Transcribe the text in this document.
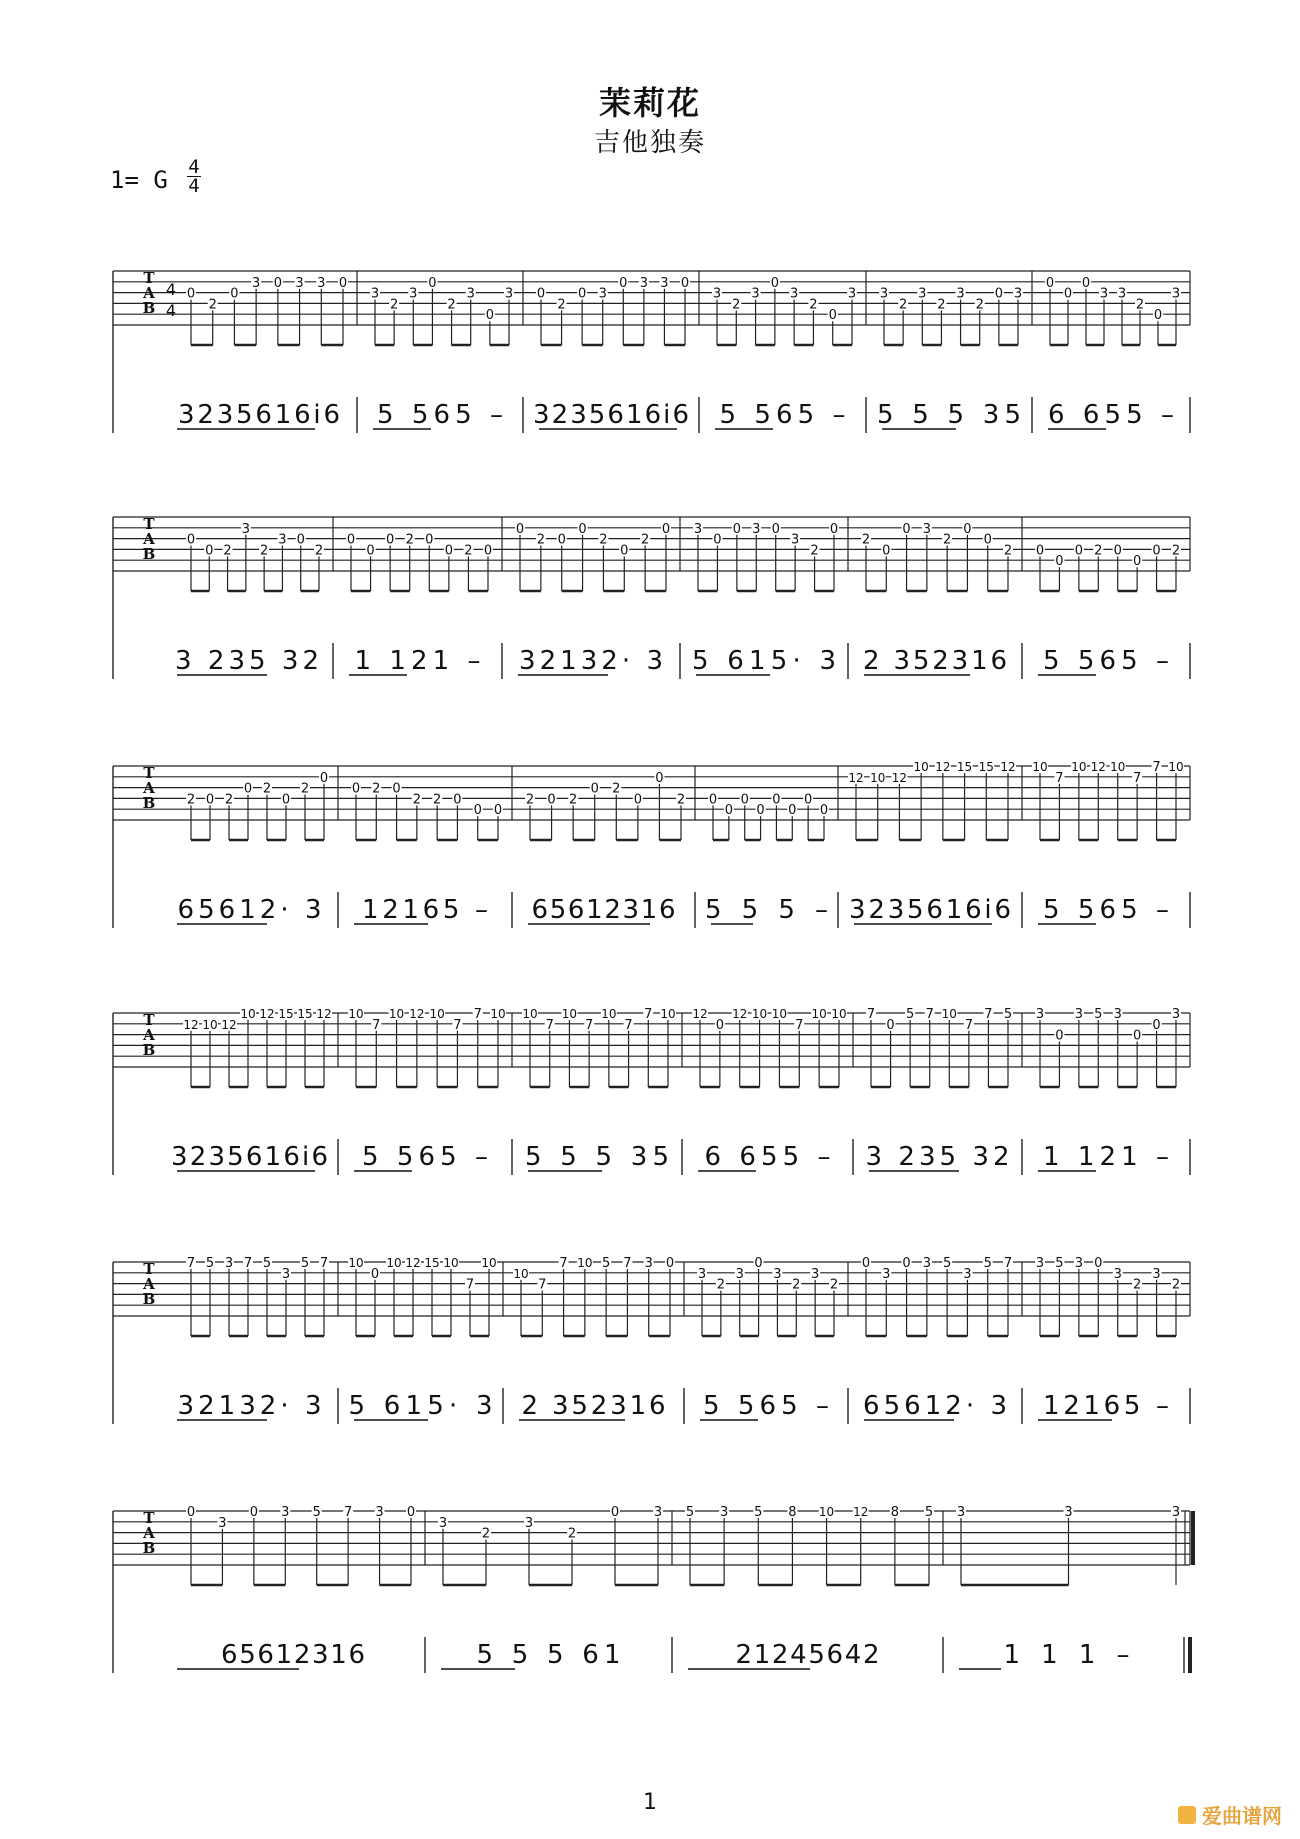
T
A
B
4
4
0
2
0
3 0 3 3 0
3
2
3
0
2
3
0
3 0
2
0 3
0 3 3 0
3
2
3
0
3
2
0
3 3
2
3
2
3
2
0 3
0
0
0
3 3
2
0
3
3235616i6 5 565 – 3235616i6 5 565 – 5 5 5 35 6 655 –
T
A
B
0
0 2
3
2
3 0
2
0
0
0 2 0
0 2 0
0
2 0
0
2
0
2
0 3
0
0 3 0
3
2
0
2
0
0 3
2
0
0
2 0
0
0 2 0
0
0 2
3 235 32 1 121 – 32132· 3 5 615· 3 2 352316 5 565 –
T
A
B 2 0 2
0 2
0
2
0
0 2 0
2 2 0
0 0
2 0 2
0 2
0
0
2 0
0
0
0
0
0
0
0
12 10 12
10 12 15 15 12 10
7
10 12 10
7
7 10
65612· 3 12165 – 65612316 5 5 5 – 3235616i6 5 565 –
T
A
B
12 10 12
10 12 15 15 12 10
7
10 12 10
7
7 10 10
7
10
7
10
7
7 10 12
0
12 10 10
7
10 10 7
0
5 7 10
7
7 5 3
0
3 5 3
0
0
3
3235616i6 5 565 – 5 5 5 35 6 655 – 3 235 32 1 121 –
T
A
B
7 5 3 7 5
3
5 7 10
0
10 12 15 10
7
10
10
7
7 10 5 7 3 0
3
2
3
0
3
2
3
2
0
3
0 3 5
3
5 7 3 5 3 0
3
2
3
2
32132· 3 5 615· 3 2 352316 5 565 – 65612· 3 12165 –
T
A
B
0
3
0 3 5 7 3 0
3
2
3
2
0	3 5 3 5 8 10 12 8 5 3	3	3
65612316	5 5 5 61	21245642	1 1 1 –
茉莉花
吉他独奏
1= G 4
4
1
爱曲谱网
